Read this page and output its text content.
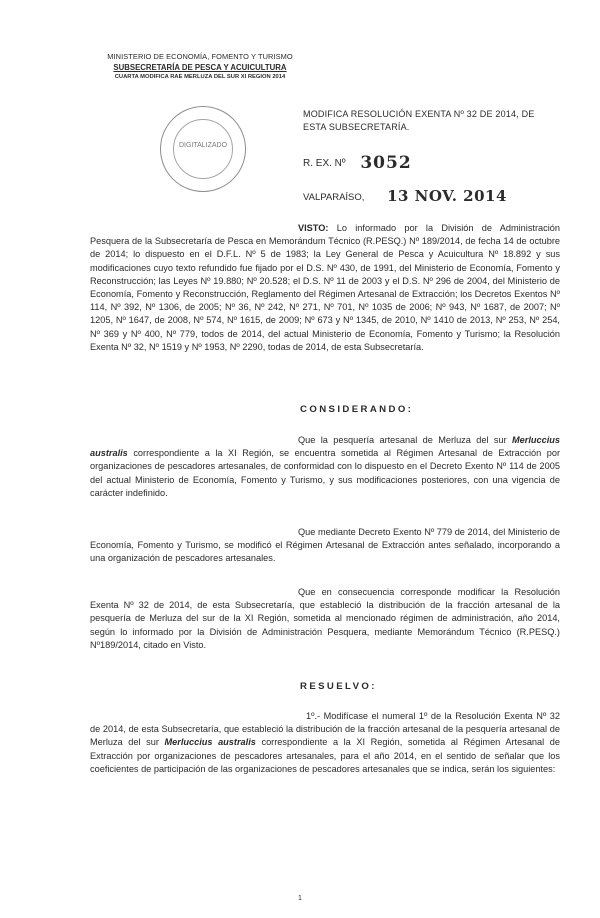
MINISTERIO DE ECONOMÍA, FOMENTO Y TURISMO
SUBSECRETARÍA DE PESCA Y ACUICULTURA
CUARTA MODIFICA RAE MERLUZA DEL SUR XI REGION 2014
DIGITALIZADO
MODIFICA RESOLUCIÓN EXENTA Nº 32 DE 2014, DE ESTA SUBSECRETARÍA.
R. EX. Nº 3052
VALPARAÍSO, 13 NOV. 2014
VISTO: Lo informado por la División de Administración Pesquera de la Subsecretaría de Pesca en Memorándum Técnico (R.PESQ.) Nº 189/2014, de fecha 14 de octubre de 2014; lo dispuesto en el D.F.L. Nº 5 de 1983; la Ley General de Pesca y Acuicultura Nº 18.892 y sus modificaciones cuyo texto refundido fue fijado por el D.S. Nº 430, de 1991, del Ministerio de Economía, Fomento y Reconstrucción; las Leyes Nº 19.880; Nº 20.528; el D.S. Nº 11 de 2003 y el D.S. Nº 296 de 2004, del Ministerio de Economía, Fomento y Reconstrucción, Reglamento del Régimen Artesanal de Extracción; los Decretos Exentos Nº 114, Nº 392, Nº 1306, de 2005; Nº 36, Nº 242, Nº 271, Nº 701, Nº 1035 de 2006; Nº 943, Nº 1687, de 2007; Nº 1205, Nº 1647, de 2008, Nº 574, Nº 1615, de 2009; Nº 673 y Nº 1345, de 2010, Nº 1410 de 2013, Nº 253, Nº 254, Nº 369 y Nº 400, Nº 779, todos de 2014, del actual Ministerio de Economía, Fomento y Turismo; la Resolución Exenta Nº 32, Nº 1519 y Nº 1953, Nº 2290, todas de 2014, de esta Subsecretaría.
CONSIDERANDO:
Que la pesquería artesanal de Merluza del sur Merluccius australis correspondiente a la XI Región, se encuentra sometida al Régimen Artesanal de Extracción por organizaciones de pescadores artesanales, de conformidad con lo dispuesto en el Decreto Exento Nº 114 de 2005 del actual Ministerio de Economía, Fomento y Turismo, y sus modificaciones posteriores, con una vigencia de carácter indefinido.
Que mediante Decreto Exento Nº 779 de 2014, del Ministerio de Economía, Fomento y Turismo, se modificó el Régimen Artesanal de Extracción antes señalado, incorporando a una organización de pescadores artesanales.
Que en consecuencia corresponde modificar la Resolución Exenta Nº 32 de 2014, de esta Subsecretaría, que estableció la distribución de la fracción artesanal de la pesquería de Merluza del sur de la XI Región, sometida al mencionado régimen de administración, año 2014, según lo informado por la División de Administración Pesquera, mediante Memorándum Técnico (R.PESQ.) Nº189/2014, citado en Visto.
RESUELVO:
1º.- Modifícase el numeral 1º de la Resolución Exenta Nº 32 de 2014, de esta Subsecretaría, que estableció la distribución de la fracción artesanal de la pesquería artesanal de Merluza del sur Merluccius australis correspondiente a la XI Región, sometida al Régimen Artesanal de Extracción por organizaciones de pescadores artesanales, para el año 2014, en el sentido de señalar que los coeficientes de participación de las organizaciones de pescadores artesanales que se indica, serán los siguientes:
1
